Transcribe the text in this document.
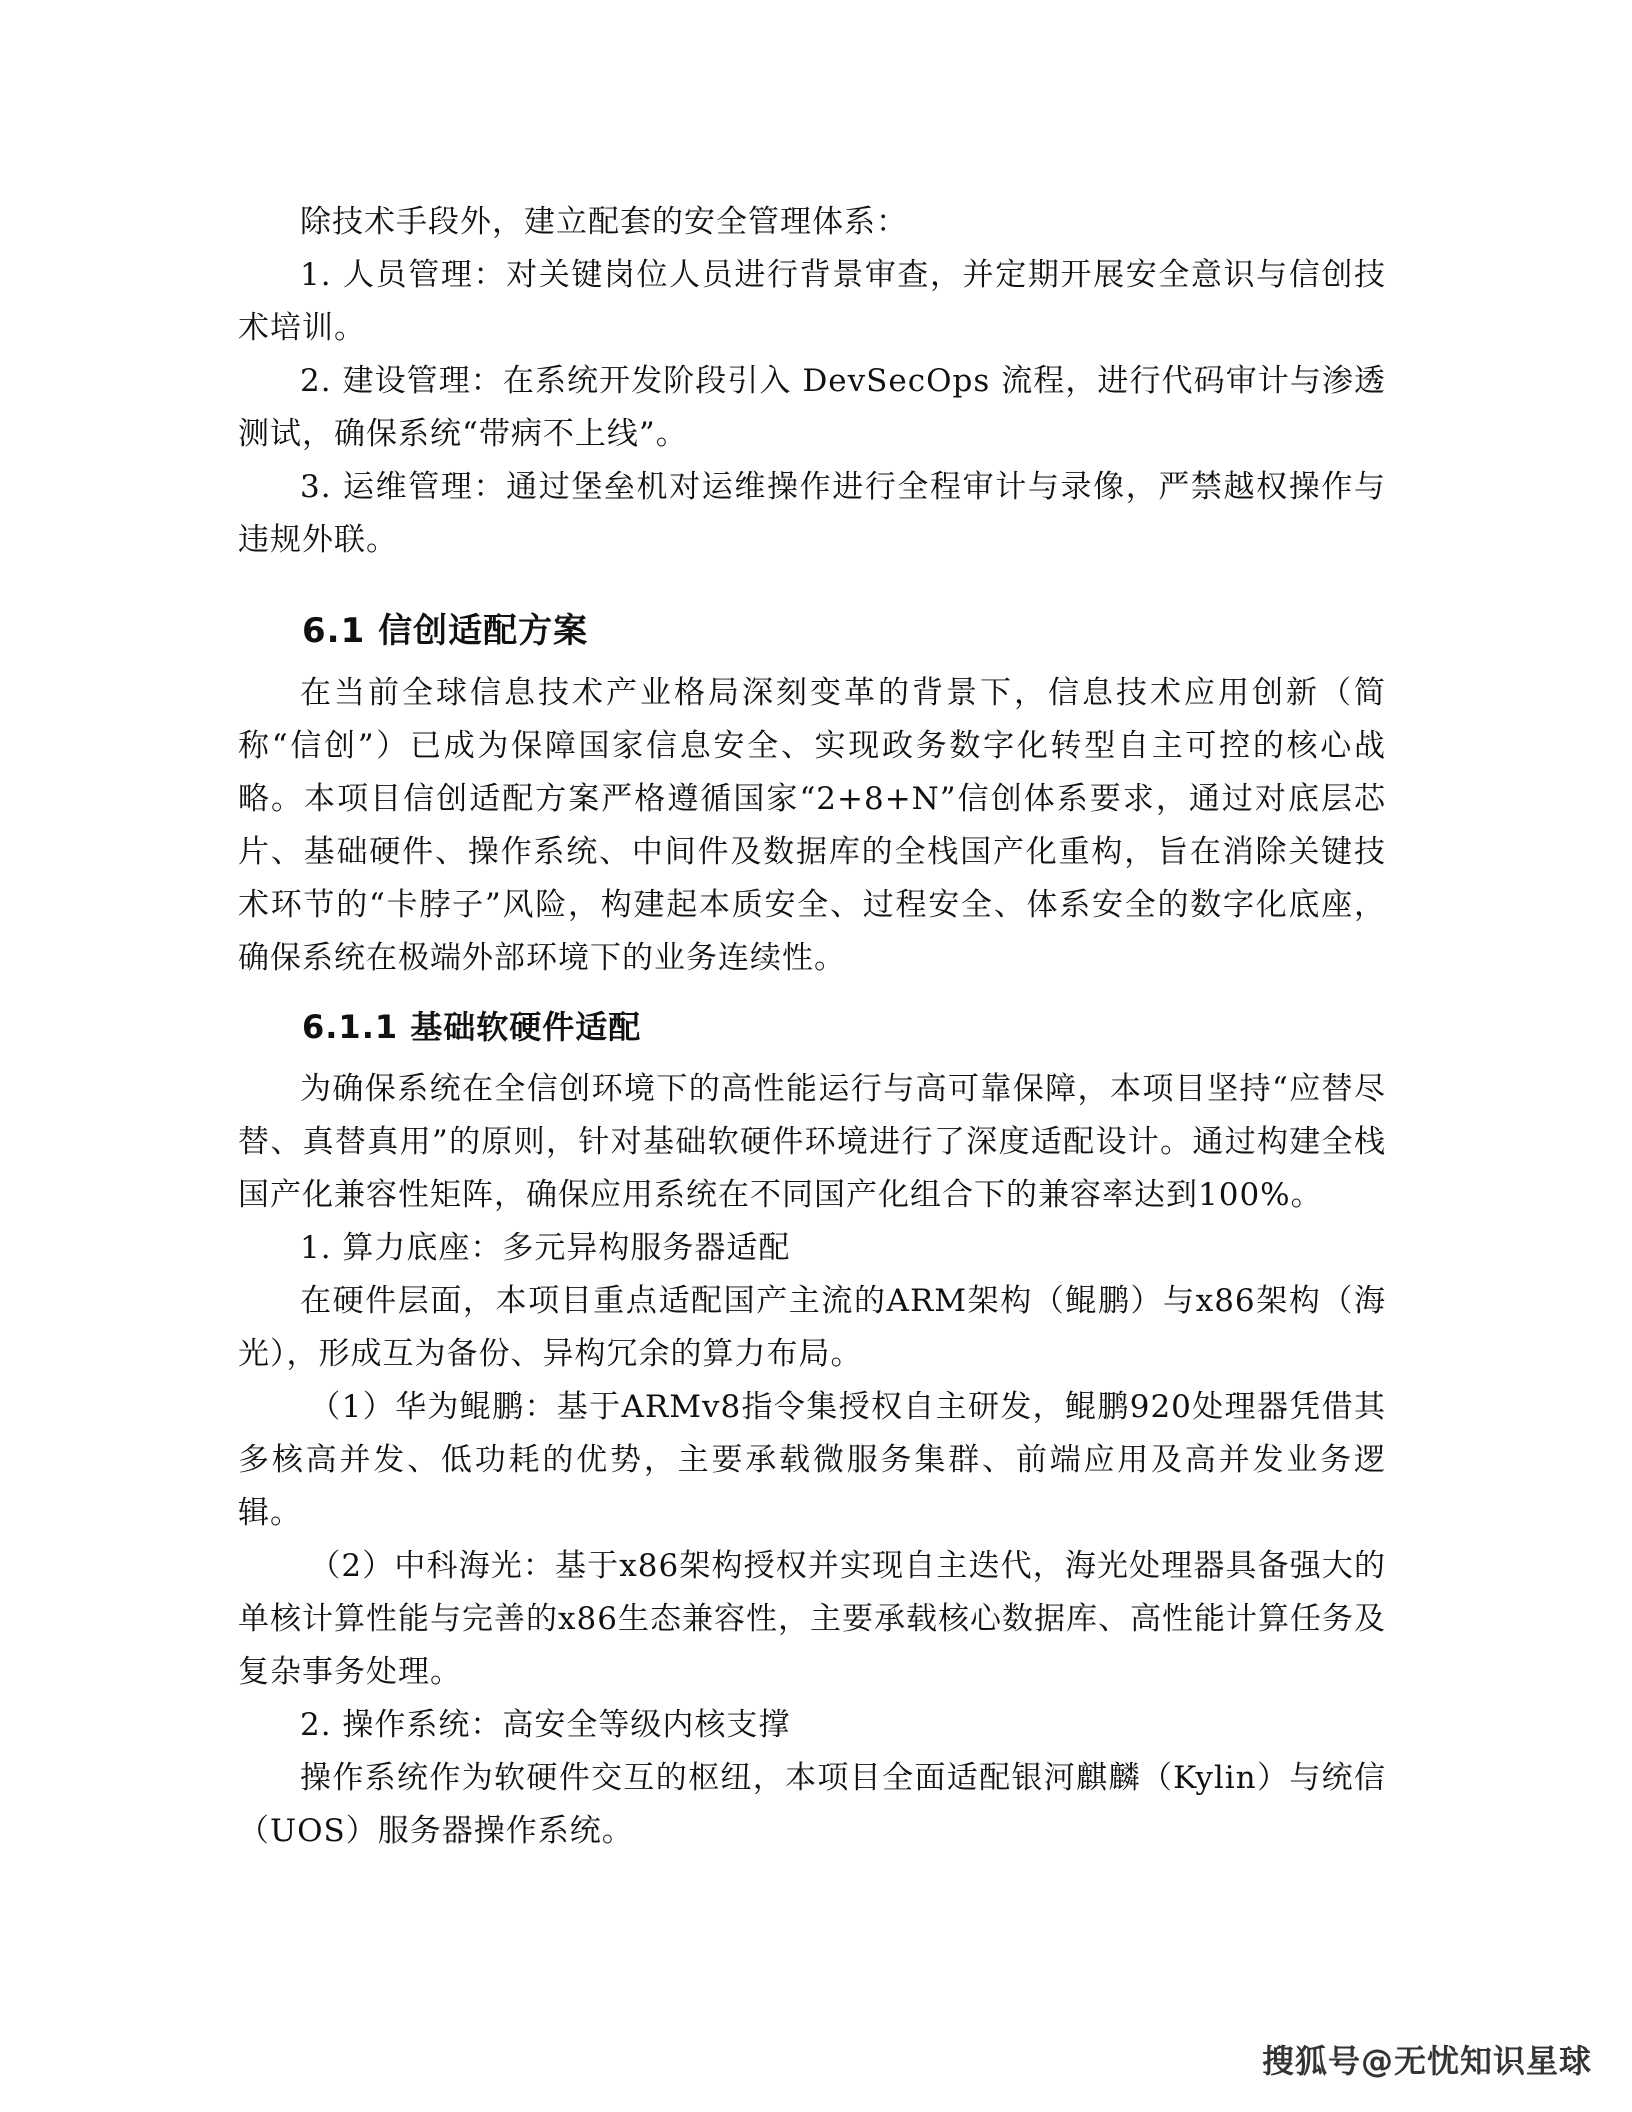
除技术手段外，建立配套的安全管理体系：

1. 人员管理：对关键岗位人员进行背景审查，并定期开展安全意识与信创技术培训。

2. 建设管理：在系统开发阶段引入 DevSecOps 流程，进行代码审计与渗透测试，确保系统“带病不上线”。

3. 运维管理：通过堡垒机对运维操作进行全程审计与录像，严禁越权操作与违规外联。

6.1 信创适配方案

在当前全球信息技术产业格局深刻变革的背景下，信息技术应用创新（简称“信创”）已成为保障国家信息安全、实现政务数字化转型自主可控的核心战略。本项目信创适配方案严格遵循国家“2+8+N”信创体系要求，通过对底层芯片、基础硬件、操作系统、中间件及数据库的全栈国产化重构，旨在消除关键技术环节的“卡脖子”风险，构建起本质安全、过程安全、体系安全的数字化底座，确保系统在极端外部环境下的业务连续性。

6.1.1 基础软硬件适配

为确保系统在全信创环境下的高性能运行与高可靠保障，本项目坚持“应替尽替、真替真用”的原则，针对基础软硬件环境进行了深度适配设计。通过构建全栈国产化兼容性矩阵，确保应用系统在不同国产化组合下的兼容率达到100%。

1. 算力底座：多元异构服务器适配

在硬件层面，本项目重点适配国产主流的ARM架构（鲲鹏）与x86架构（海光），形成互为备份、异构冗余的算力布局。

（1）华为鲲鹏：基于ARMv8指令集授权自主研发，鲲鹏920处理器凭借其多核高并发、低功耗的优势，主要承载微服务集群、前端应用及高并发业务逻辑。

（2）中科海光：基于x86架构授权并实现自主迭代，海光处理器具备强大的单核计算性能与完善的x86生态兼容性，主要承载核心数据库、高性能计算任务及复杂事务处理。

2. 操作系统：高安全等级内核支撑

操作系统作为软硬件交互的枢纽，本项目全面适配银河麒麟（Kylin）与统信（UOS）服务器操作系统。

搜狐号@无忧知识星球
